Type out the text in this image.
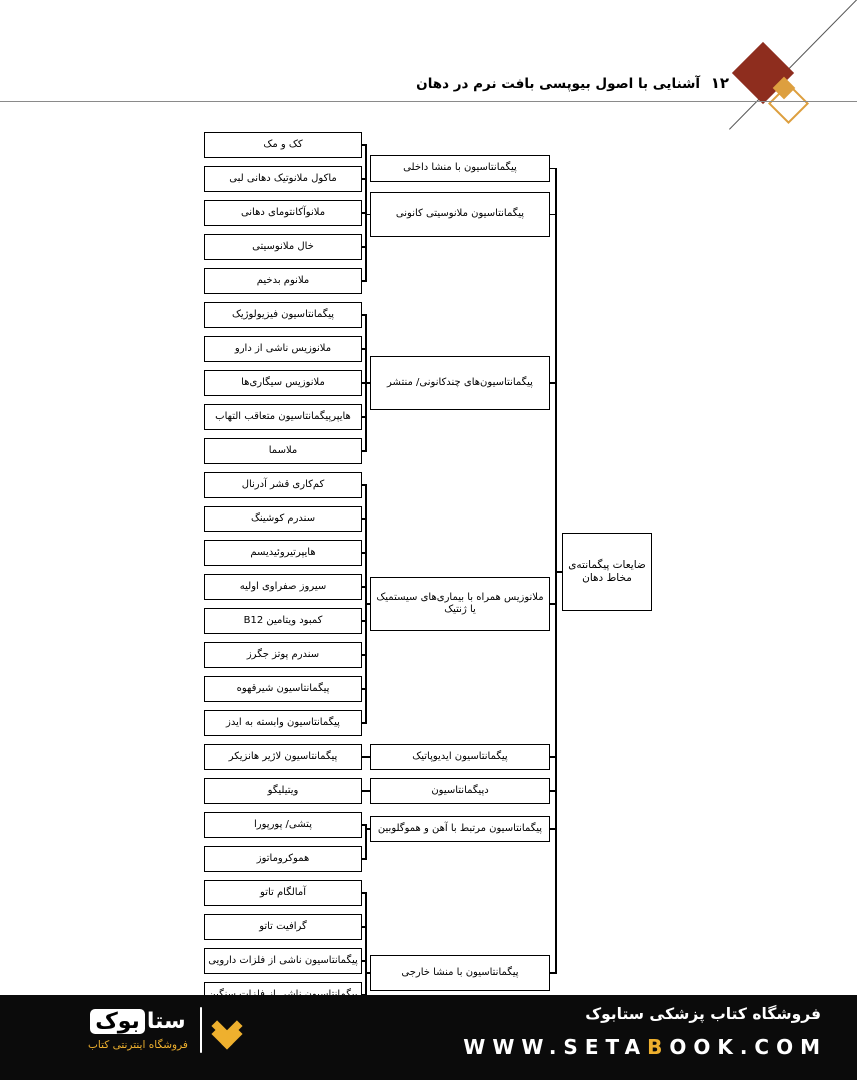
آشنایی با اصول بیوپسی بافت نرم در دهان ۱۲
پیگمانتاسیون با منشا داخلی
پیگمانتاسیون ملانوسیتی کانونی
کک و مک
ماکول ملانوتیک دهانی لبی
ملانوآکانتومای دهانی
خال ملانوسیتی
ملانوم بدخیم
پیگمانتاسیون‌های چندکانونی/ منتشر
پیگمانتاسیون فیزیولوژیک
ملانوزیس ناشی از دارو
ملانوزیس سیگاری‌ها
هایپرپیگمانتاسیون متعاقب التهاب
ملاسما
ملانوزیس همراه با بیماری‌های سیستمیک یا ژنتیک
کم‌کاری قشر آدرنال
سندرم کوشینگ
هایپرتیروئیدیسم
سیروز صفراوی اولیه
کمبود ویتامین B12
سندرم پوتز جگرز
پیگمانتاسیون شیرقهوه
پیگمانتاسیون وابسته به ایدز
پیگمانتاسیون ایدیوپاتیک
پیگمانتاسیون لاژیر هانزیکر
دپیگمانتاسیون
ویتیلیگو
پیگمانتاسیون مرتبط با آهن و هموگلوبین
پتشی/ پورپورا
هموکروماتوز
پیگمانتاسیون با منشا خارجی
آمالگام تاتو
گرافیت تاتو
پیگمانتاسیون ناشی از فلزات دارویی
ضایعات پیگمانته‌ی مخاط دهان
فروشگاه کتاب پزشکی ستابوک
WWW.SETABOOK.COM
ستابوک
فروشگاه اینترنتی کتاب
